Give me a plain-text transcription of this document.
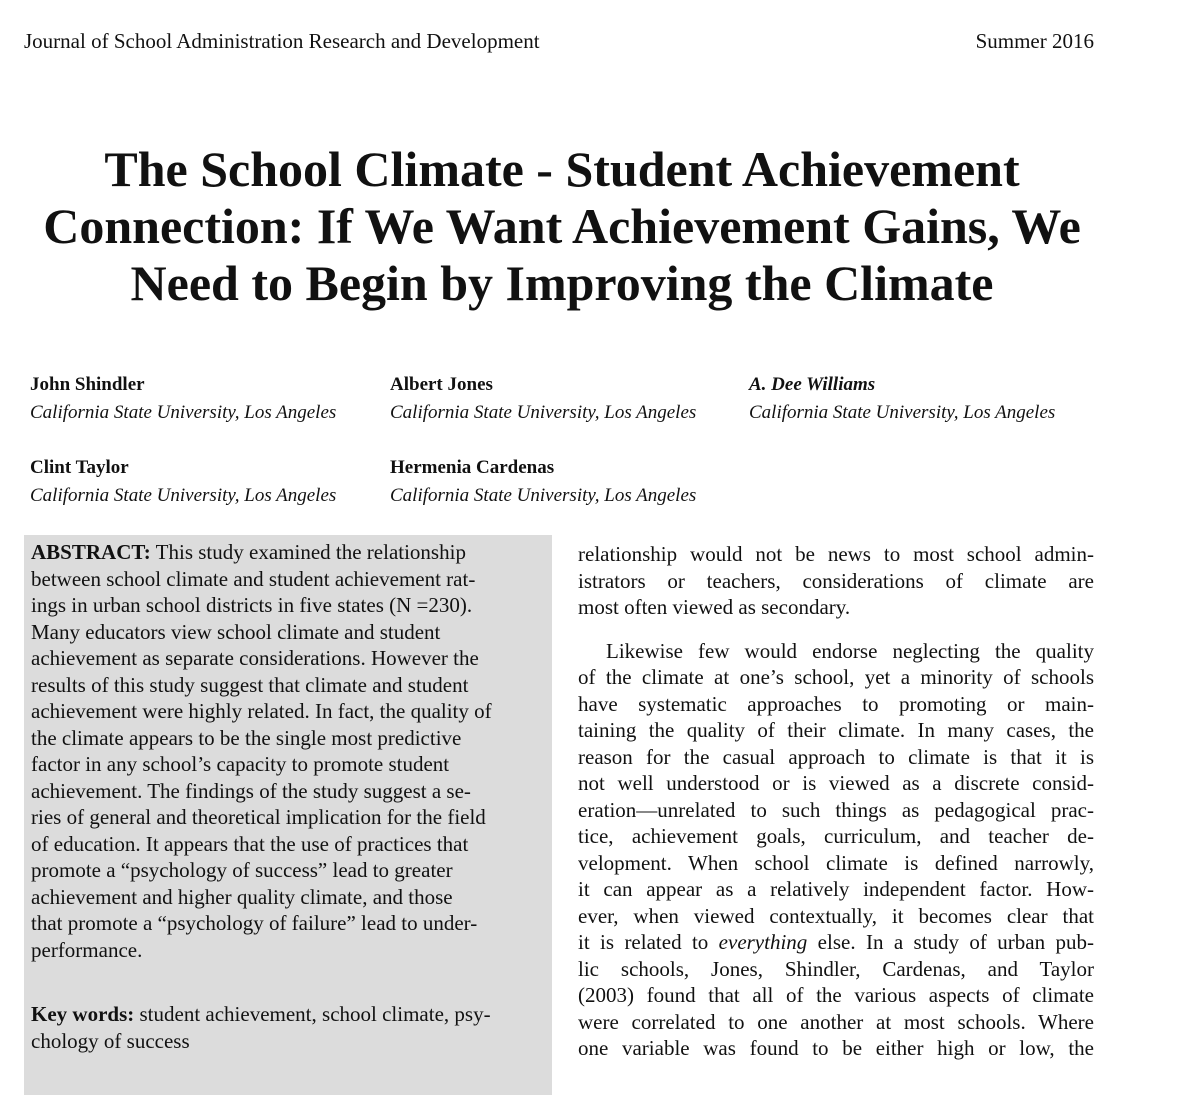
Journal of School Administration Research and Development	Summer 2016
The School Climate - Student Achievement
Connection: If We Want Achievement Gains, We
Need to Begin by Improving the Climate
John Shindler
California State University, Los Angeles
Albert Jones
California State University, Los Angeles
A. Dee Williams
California State University, Los Angeles
Clint Taylor
California State University, Los Angeles
Hermenia Cardenas
California State University, Los Angeles
ABSTRACT: This study examined the relationship
between school climate and student achievement rat-
ings in urban school districts in five states (N =230).
Many educators view school climate and student
achievement as separate considerations. However the
results of this study suggest that climate and student
achievement were highly related. In fact, the quality of
the climate appears to be the single most predictive
factor in any school’s capacity to promote student
achievement. The findings of the study suggest a se-
ries of general and theoretical implication for the field
of education. It appears that the use of practices that
promote a “psychology of success” lead to greater
achievement and higher quality climate, and those
that promote a “psychology of failure” lead to under-
performance.
Key words: student achievement, school climate, psy-
chology of success
relationship would not be news to most school admin-
istrators or teachers, considerations of climate are
most often viewed as secondary.
Likewise few would endorse neglecting the quality
of the climate at one’s school, yet a minority of schools
have systematic approaches to promoting or main-
taining the quality of their climate. In many cases, the
reason for the casual approach to climate is that it is
not well understood or is viewed as a discrete consid-
eration—unrelated to such things as pedagogical prac-
tice, achievement goals, curriculum, and teacher de-
velopment. When school climate is defined narrowly,
it can appear as a relatively independent factor. How-
ever, when viewed contextually, it becomes clear that
it is related to everything else. In a study of urban pub-
lic schools, Jones, Shindler, Cardenas, and Taylor
(2003) found that all of the various aspects of climate
were correlated to one another at most schools. Where
one variable was found to be either high or low, the
